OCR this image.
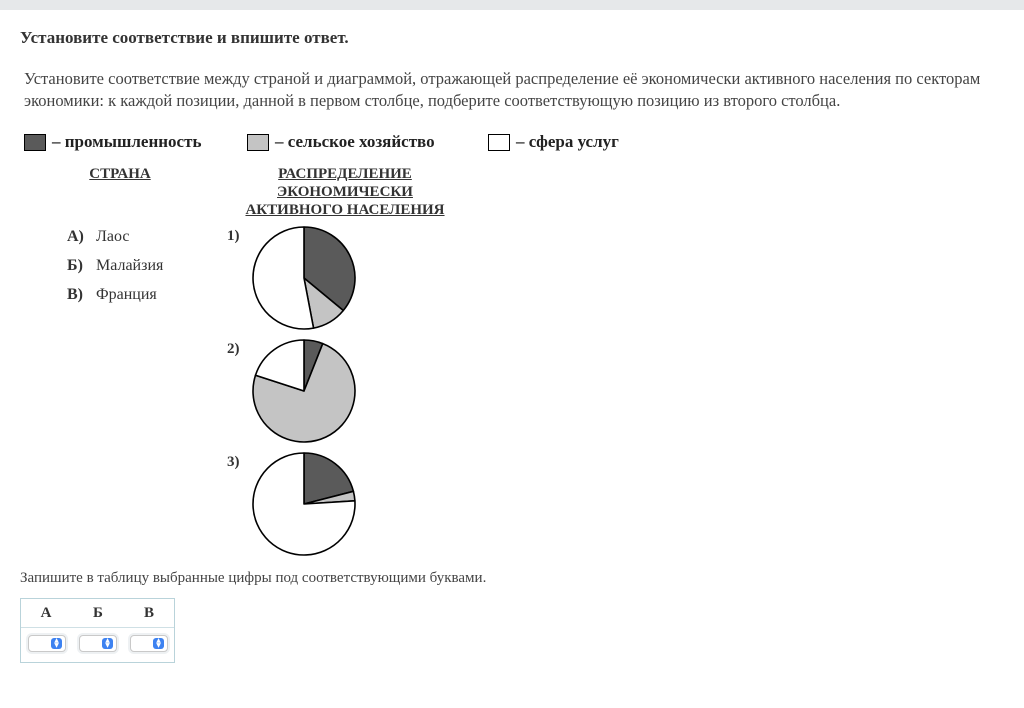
Установите соответствие и впишите ответ.
Установите соответствие между страной и диаграммой, отражающей распределение её экономически активного населения по секторам экономики: к каждой позиции, данной в первом столбце, подберите соответствующую позицию из второго столбца.
– промышленность	– сельское хозяйство	– сфера услуг
СТРАНА	РАСПРЕДЕЛЕНИЕ
ЭКОНОМИЧЕСКИ
АКТИВНОГО НАСЕЛЕНИЯ
А) Лаос
Б) Малайзия
В) Франция
1)
2)
3)
Запишите в таблицу выбранные цифры под соответствующими буквами.
А	Б	В
▲
▼
▲
▼
▲
▼
